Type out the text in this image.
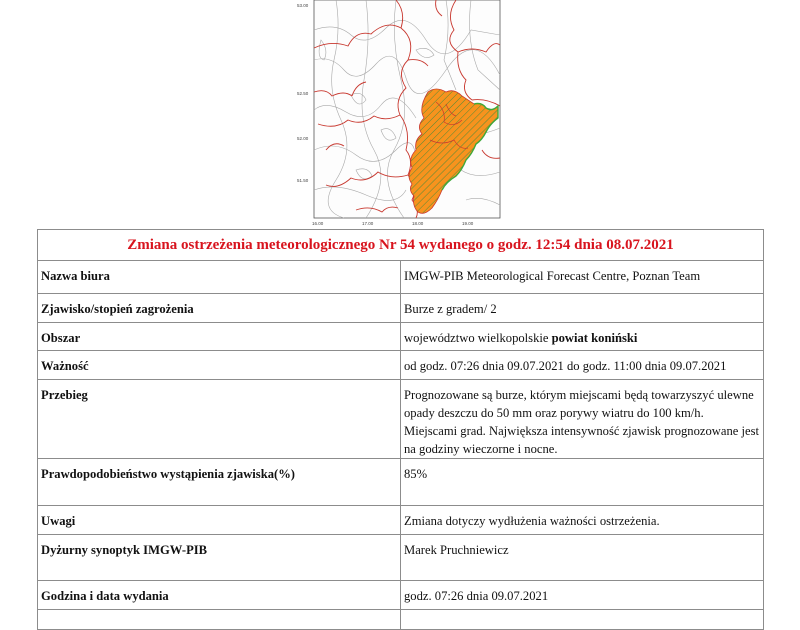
53.00
52.50
52.00
51.50
16.00	17.00	18.00	19.00
Zmiana ostrzeżenia meteorologicznego Nr 54 wydanego o godz. 12:54 dnia 08.07.2021	
Nazwa biura	IMGW-PIB Meteorological Forecast Centre, Poznan Team
Zjawisko/stopień zagrożenia	Burze z gradem/ 2
Obszar	województwo wielkopolskie powiat koniński
Ważność	od godz. 07:26 dnia 09.07.2021 do godz. 11:00 dnia 09.07.2021
Przebieg	Prognozowane są burze, którym miejscami będą towarzyszyć ulewne opady deszczu do 50 mm oraz porywy wiatru do 100 km/h. Miejscami grad. Największa intensywność zjawisk prognozowane jest na godziny wieczorne i nocne.
Prawdopodobieństwo wystąpienia zjawiska(%)	85%
Uwagi	Zmiana dotyczy wydłużenia ważności ostrzeżenia.
Dyżurny synoptyk IMGW-PIB	Marek Pruchniewicz
Godzina i data wydania	godz. 07:26 dnia 09.07.2021
